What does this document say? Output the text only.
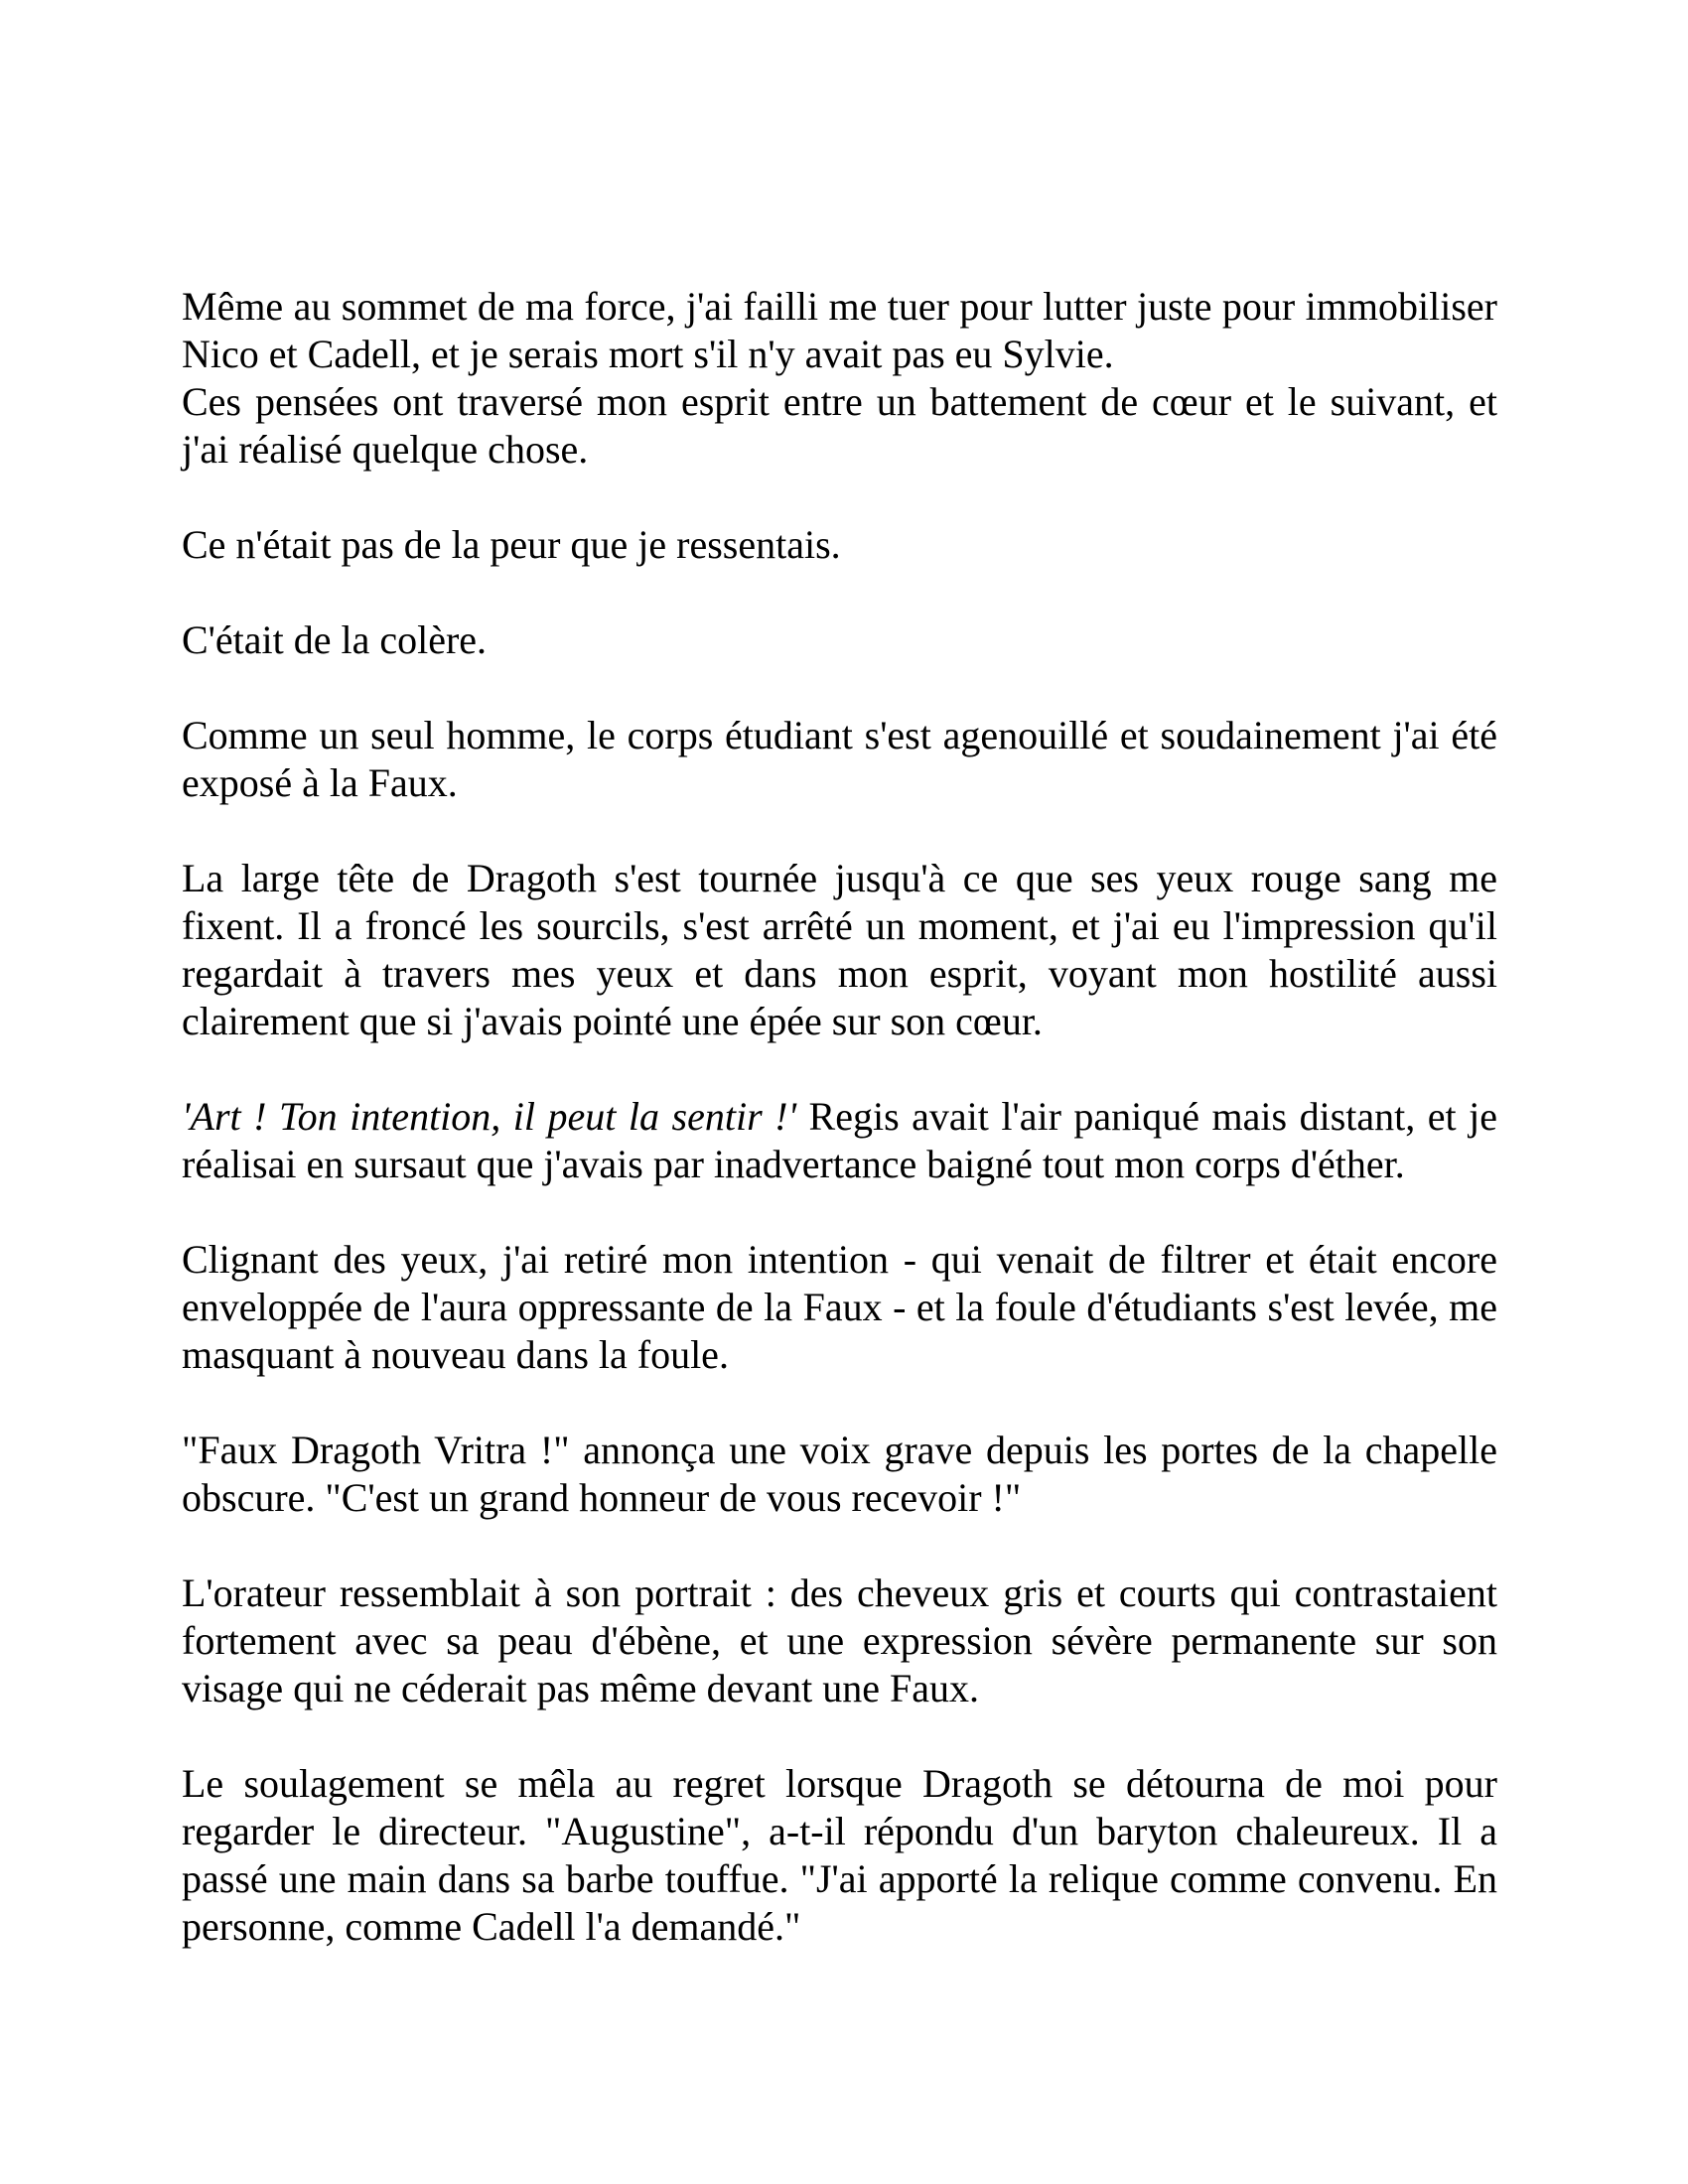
Même au sommet de ma force, j'ai failli me tuer pour lutter juste pour immobiliser Nico et Cadell, et je serais mort s'il n'y avait pas eu Sylvie.

Ces pensées ont traversé mon esprit entre un battement de cœur et le suivant, et j'ai réalisé quelque chose.

Ce n'était pas de la peur que je ressentais.

C'était de la colère.

Comme un seul homme, le corps étudiant s'est agenouillé et soudainement j'ai été exposé à la Faux.

La large tête de Dragoth s'est tournée jusqu'à ce que ses yeux rouge sang me fixent. Il a froncé les sourcils, s'est arrêté un moment, et j'ai eu l'impression qu'il regardait à travers mes yeux et dans mon esprit, voyant mon hostilité aussi clairement que si j'avais pointé une épée sur son cœur.

'Art ! Ton intention, il peut la sentir !' Regis avait l'air paniqué mais distant, et je réalisai en sursaut que j'avais par inadvertance baigné tout mon corps d'éther.

Clignant des yeux, j'ai retiré mon intention - qui venait de filtrer et était encore enveloppée de l'aura oppressante de la Faux - et la foule d'étudiants s'est levée, me masquant à nouveau dans la foule.

"Faux Dragoth Vritra !" annonça une voix grave depuis les portes de la chapelle obscure. "C'est un grand honneur de vous recevoir !"

L'orateur ressemblait à son portrait : des cheveux gris et courts qui contrastaient fortement avec sa peau d'ébène, et une expression sévère permanente sur son visage qui ne céderait pas même devant une Faux.

Le soulagement se mêla au regret lorsque Dragoth se détourna de moi pour regarder le directeur. "Augustine", a-t-il répondu d'un baryton chaleureux. Il a passé une main dans sa barbe touffue. "J'ai apporté la relique comme convenu. En personne, comme Cadell l'a demandé."
